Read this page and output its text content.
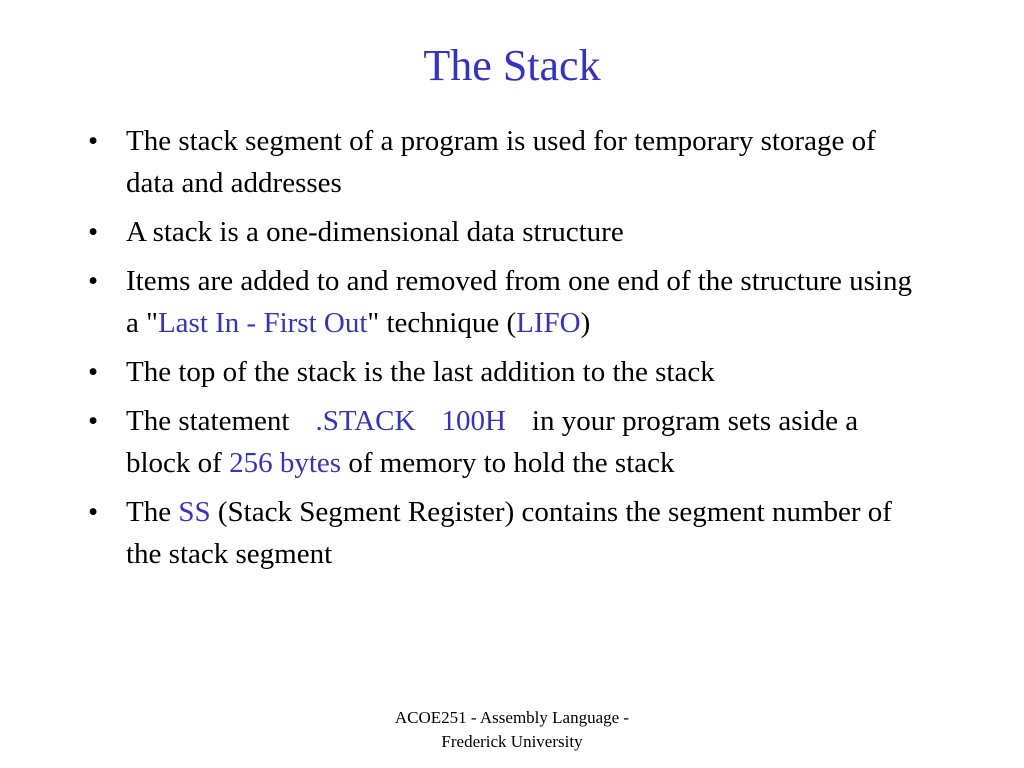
The Stack
• The stack segment of a program is used for temporary storage of data and addresses
• A stack is a one-dimensional data structure
• Items are added to and removed from one end of the structure using a "Last In - First Out" technique (LIFO)
• The top of the stack is the last addition to the stack
• The statement .STACK 100H in your program sets aside a block of 256 bytes of memory to hold the stack
• The SS (Stack Segment Register) contains the segment number of the stack segment
ACOE251 - Assembly Language -
Frederick University
